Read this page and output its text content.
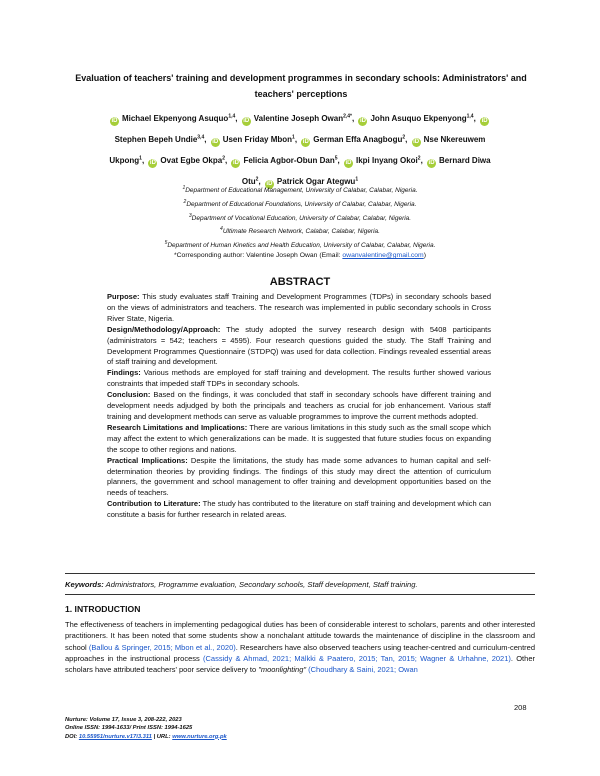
Evaluation of teachers' training and development programmes in secondary schools: Administrators' and teachers' perceptions
iD Michael Ekpenyong Asuquo$^{1,4}$, iD Valentine Joseph Owan$^{2,4*}$, iD John Asuquo Ekpenyong$^{1,4}$, iDStephen Bepeh Undie$^{3,4}$, iD Usen Friday Mbon$^1$, iD German Effa Anagbogu$^2$, iD Nse Nkereuwem Ukpong$^1$, iD Ovat Egbe Okpa$^2$, iD Felicia Agbor-Obun Dan$^5$, iD Ikpi Inyang Okoi$^2$, iD Bernard Diwa Otu$^2$, iD Patrick Ogar Ategwu$^1$
$^1$Department of Educational Management, University of Calabar, Calabar, Nigeria.
$^2$Department of Educational Foundations, University of Calabar, Calabar, Nigeria.
$^3$Department of Vocational Education, University of Calabar, Calabar, Nigeria.
$^4$Ultimate Research Network, Calabar, Calabar, Nigeria.
$^5$Department of Human Kinetics and Health Education, University of Calabar, Calabar, Nigeria.
*Corresponding author: Valentine Joseph Owan (Email: owanvalentine@gmail.com)
ABSTRACT

Purpose: This study evaluates staff Training and Development Programmes (TDPs) in secondary schools based on the views of administrators and teachers. The research was implemented in public secondary schools in Cross River State, Nigeria.

Design/Methodology/Approach: The study adopted the survey research design with 5408 participants (administrators = 542; teachers = 4595). Four research questions guided the study. The Staff Training and Development Programmes Questionnaire (STDPQ) was used for data collection. Findings revealed essential areas of staff training and development.

Findings: Various methods are employed for staff training and development. The results further showed various constraints that impeded staff TDPs in secondary schools.

Conclusion: Based on the findings, it was concluded that staff in secondary schools have different training and development needs adjudged by both the principals and teachers as crucial for job enhancement. Various staff training and development methods can serve as valuable programmes to improve the current methods adopted.

Research Limitations and Implications: There are various limitations in this study such as the small scope which may affect the extent to which generalizations can be made. It is suggested that future studies focus on expanding the scope to other regions and nations.

Practical Implications: Despite the limitations, the study has made some advances to human capital and self-determination theories by providing findings. The findings of this study may direct the attention of curriculum planners, the government and school management to offer training and development opportunities based on the needs of teachers.

Contribution to Literature: The study has contributed to the literature on staff training and development which can constitute a basis for further research in related areas.

Keywords: Administrators, Programme evaluation, Secondary schools, Staff development, Staff training.
1. INTRODUCTION
The effectiveness of teachers in implementing pedagogical duties has been of considerable interest to scholars, parents and other interested practitioners. It has been noted that some students show a nonchalant attitude towards the maintenance of discipline in the classroom and school (Ballou & Springer, 2015; Mbon et al., 2020). Researchers have also observed teachers using teacher-centred and curriculum-centred approaches in the instructional process (Cassidy & Ahmad, 2021; Mälkki & Paatero, 2015; Tan, 2015; Wagner & Urhahne, 2021). Other scholars have attributed teachers' poor service delivery to "moonlighting" (Choudhary & Saini, 2021; Owan
208
Nurture: Volume 17, Issue 3, 208-222, 2023
Online ISSN: 1994-1633/ Print ISSN: 1994-1625
DOI: 10.55951/nurture.v17i3.311 | URL: www.nurture.org.pk
